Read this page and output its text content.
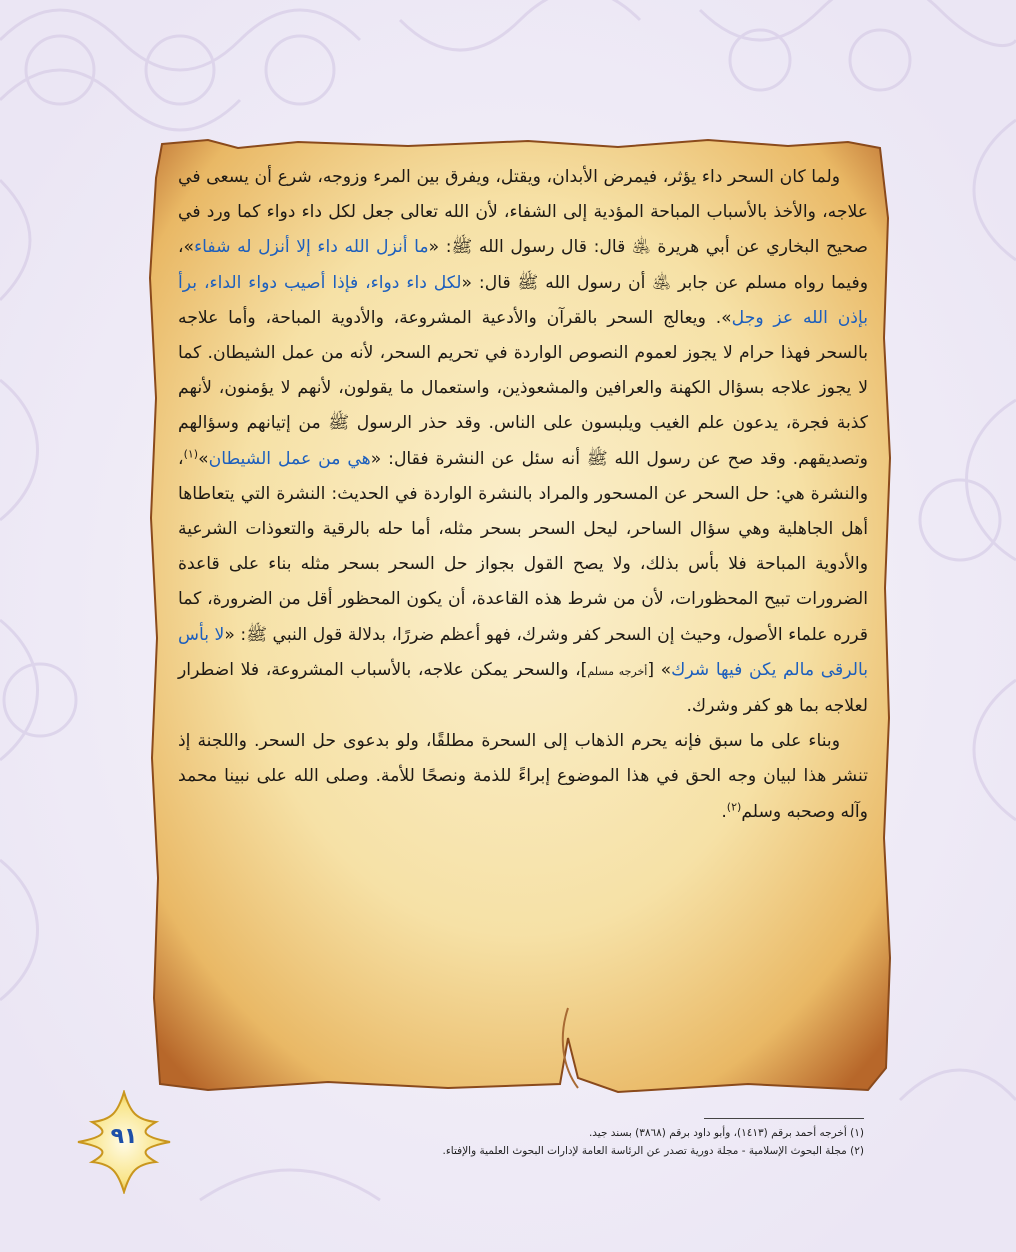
ولما كان السحر داء يؤثر، فيمرض الأبدان، ويقتل، ويفرق بين المرء وزوجه، شرع أن يسعى في علاجه، والأخذ بالأسباب المباحة المؤدية إلى الشفاء، لأن الله تعالى جعل لكل داء دواء كما ورد في صحيح البخاري عن أبي هريرة ﵁ قال: قال رسول الله ﷺ: «ما أنزل الله داء إلا أنزل له شفاء»، وفيما رواه مسلم عن جابر ﵁ أن رسول الله ﷺ قال: «لكل داء دواء، فإذا أصيب دواء الداء، برأ بإذن الله عز وجل». ويعالج السحر بالقرآن والأدعية المشروعة، والأدوية المباحة، وأما علاجه بالسحر فهذا حرام لا يجوز لعموم النصوص الواردة في تحريم السحر، لأنه من عمل الشيطان. كما لا يجوز علاجه بسؤال الكهنة والعرافين والمشعوذين، واستعمال ما يقولون، لأنهم لا يؤمنون، لأنهم كذبة فجرة، يدعون علم الغيب ويلبسون على الناس. وقد حذر الرسول ﷺ من إتيانهم وسؤالهم وتصديقهم. وقد صح عن رسول الله ﷺ أنه سئل عن النشرة فقال: «هي من عمل الشيطان»$^{(١)}$، والنشرة هي: حل السحر عن المسحور والمراد بالنشرة الواردة في الحديث: النشرة التي يتعاطاها أهل الجاهلية وهي سؤال الساحر، ليحل السحر بسحر مثله، أما حله بالرقية والتعوذات الشرعية والأدوية المباحة فلا بأس بذلك، ولا يصح القول بجواز حل السحر بسحر مثله بناء على قاعدة الضرورات تبيح المحظورات، لأن من شرط هذه القاعدة، أن يكون المحظور أقل من الضرورة، كما قرره علماء الأصول، وحيث إن السحر كفر وشرك، فهو أعظم ضررًا، بدلالة قول النبي ﷺ: «لا بأس بالرقى مالم يكن فيها شرك» [أخرجه مسلم]، والسحر يمكن علاجه، بالأسباب المشروعة، فلا اضطرار لعلاجه بما هو كفر وشرك.

وبناء على ما سبق فإنه يحرم الذهاب إلى السحرة مطلقًا، ولو بدعوى حل السحر. واللجنة إذ تنشر هذا لبيان وجه الحق في هذا الموضوع إبراءً للذمة ونصحًا للأمة. وصلى الله على نبينا محمد وآله وصحبه وسلم$^{(٢)}$.

(١) أخرجه أحمد برقم (١٤١٣)، وأبو داود برقم (٣٨٦٨) بسند جيد.
(٢) مجلة البحوث الإسلامية - مجلة دورية تصدر عن الرئاسة العامة لإدارات البحوث العلمية والإفتاء.
٩١
